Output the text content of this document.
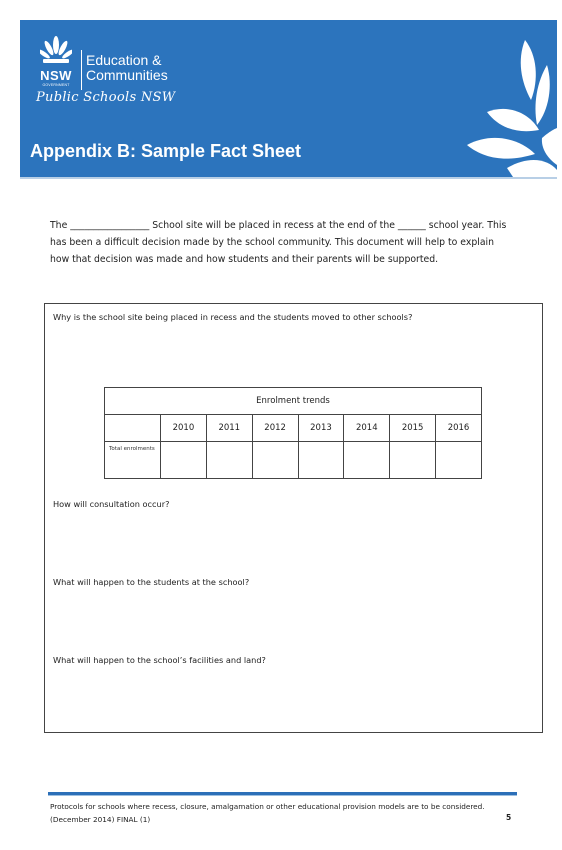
NSW
GOVERNMENT
Education &
Communities
Public Schools NSW
Appendix B: Sample Fact Sheet
The _________________ School site will be placed in recess at the end of the ______ school year. This has been a difficult decision made by the school community. This document will help to explain how that decision was made and how students and their parents will be supported.
Why is the school site being placed in recess and the students moved to other schools?
Enrolment trends							
	2010	2011	2012	2013	2014	2015	2016
Total enrolments							
How will consultation occur?
What will happen to the students at the school?
What will happen to the school’s facilities and land?
Protocols for schools where recess, closure, amalgamation or other educational provision models are to be considered. (December 2014) FINAL (1)	5
